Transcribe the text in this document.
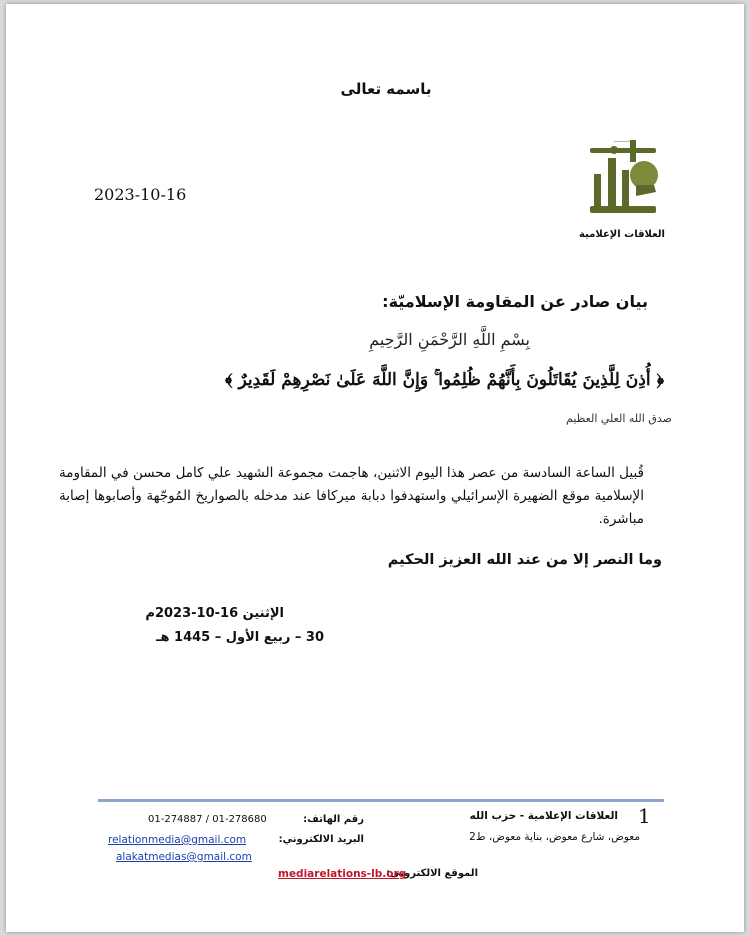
باسمه تعالى
2023-10-16
ـــــــــــ
العلاقات الإعلامية
بيان صادر عن المقاومة الإسلاميّة:
بِسْمِ اللَّهِ الرَّحْمَنِ الرَّحِيمِ
﴿ أُذِنَ لِلَّذِينَ يُقَاتَلُونَ بِأَنَّهُمْ ظُلِمُوا ۚ وَإِنَّ اللَّهَ عَلَىٰ نَصْرِهِمْ لَقَدِيرٌ ﴾
صدق الله العلي العظيم
قُبيل الساعة السادسة من عصر هذا اليوم الاثنين، هاجمت مجموعة الشهيد علي كامل محسن في المقاومة الإسلامية موقع الضهيرة الإسرائيلي واستهدفوا دبابة ميركافا عند مدخله بالصواريخ المُوجّهة وأصابوها إصابة مباشرة.
وما النصر إلا من عند الله العزيز الحكيم
الإثنين 16-10-2023م
30 – ربيع الأول – 1445 هـ
1
العلاقات الإعلامية - حزب الله
معوض، شارع معوض، بناية معوض، ط2
رقم الهاتف:
01-274887 / 01-278680
البريد الالكتروني:
relationmedia@gmail.com
alakatmedias@gmail.com
الموقع الالكتروني:
mediarelations-lb.org
